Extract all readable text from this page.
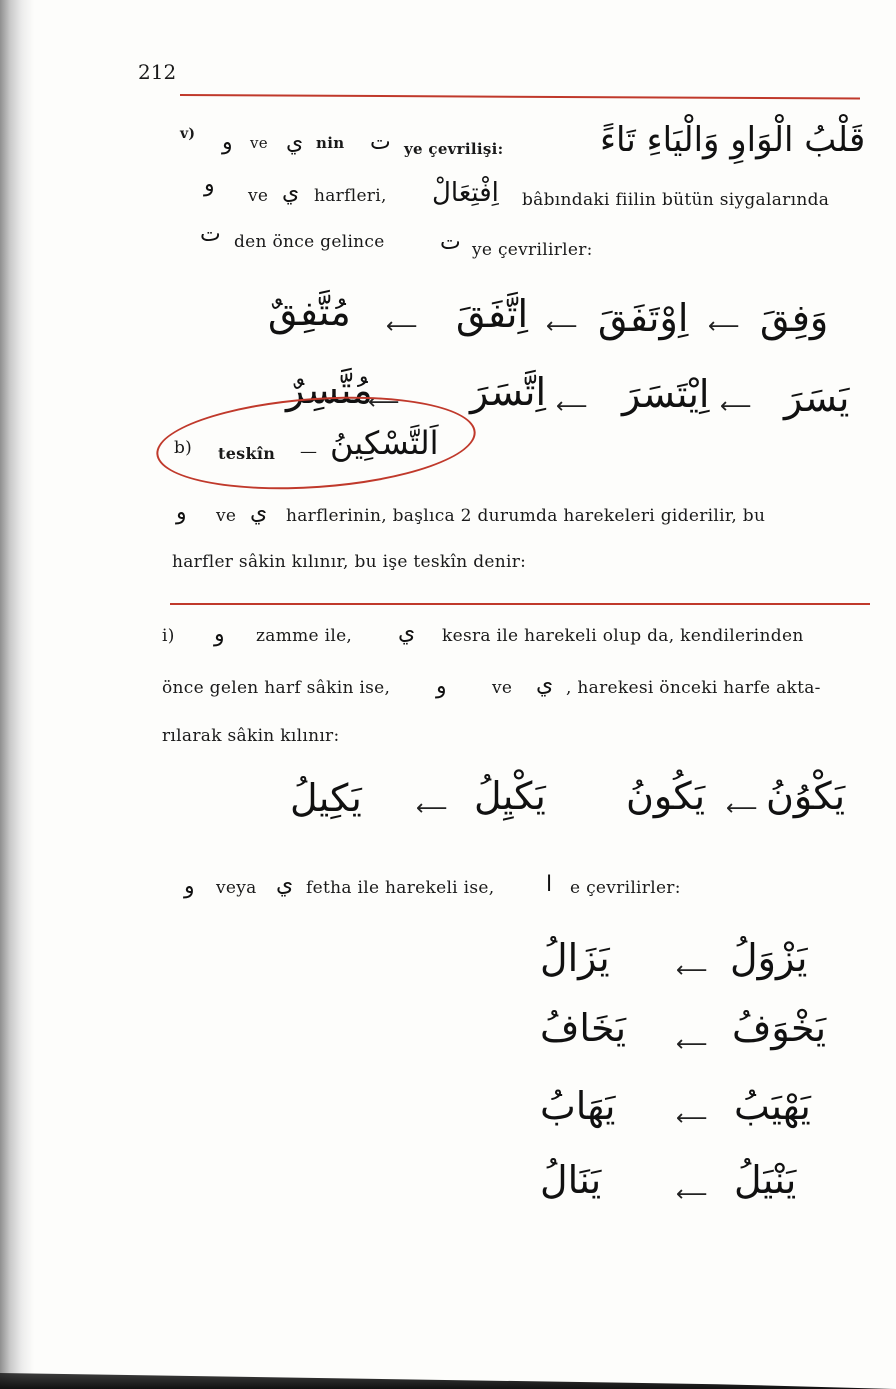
212
v) و ve ي nin ت ye çevrilişi:	قَلْبُ الْوَاوِ وَالْيَاءِ تَاءً
و ve ي harfleri, اِفْتِعَالْ bâbındaki fiilin bütün siygalarında
ت den önce gelince	ت ye çevrilirler:
وَفِقَ
⟵
اِوْتَفَقَ
⟵
اِتَّفَقَ
⟵
مُتَّفِقٌ
يَسَرَ
⟵
اِيْتَسَرَ
⟵
اِتَّسَرَ
⟵
مُتَّسِرٌ
b) teskîn — اَلتَّسْكِينُ
و ve ي harflerinin, başlıca 2 durumda harekeleri giderilir, bu
harfler sâkin kılınır, bu işe teskîn denir:
i) و zamme ile, ي kesra ile harekeli olup da, kendilerinden
önce gelen harf sâkin ise, و	ve ي , harekesi önceki harfe akta-
rılarak sâkin kılınır:
يَكْوُنُ
⟵
يَكُونُ
يَكْيِلُ
⟵
يَكِيلُ
و veya ي fetha ile harekeli ise, ا e çevrilirler:
يَزْوَلُ
⟵
يَزَالُ
يَخْوَفُ
⟵
يَخَافُ
يَهْيَبُ
⟵
يَهَابُ
يَنْيَلُ
⟵
يَنَالُ
